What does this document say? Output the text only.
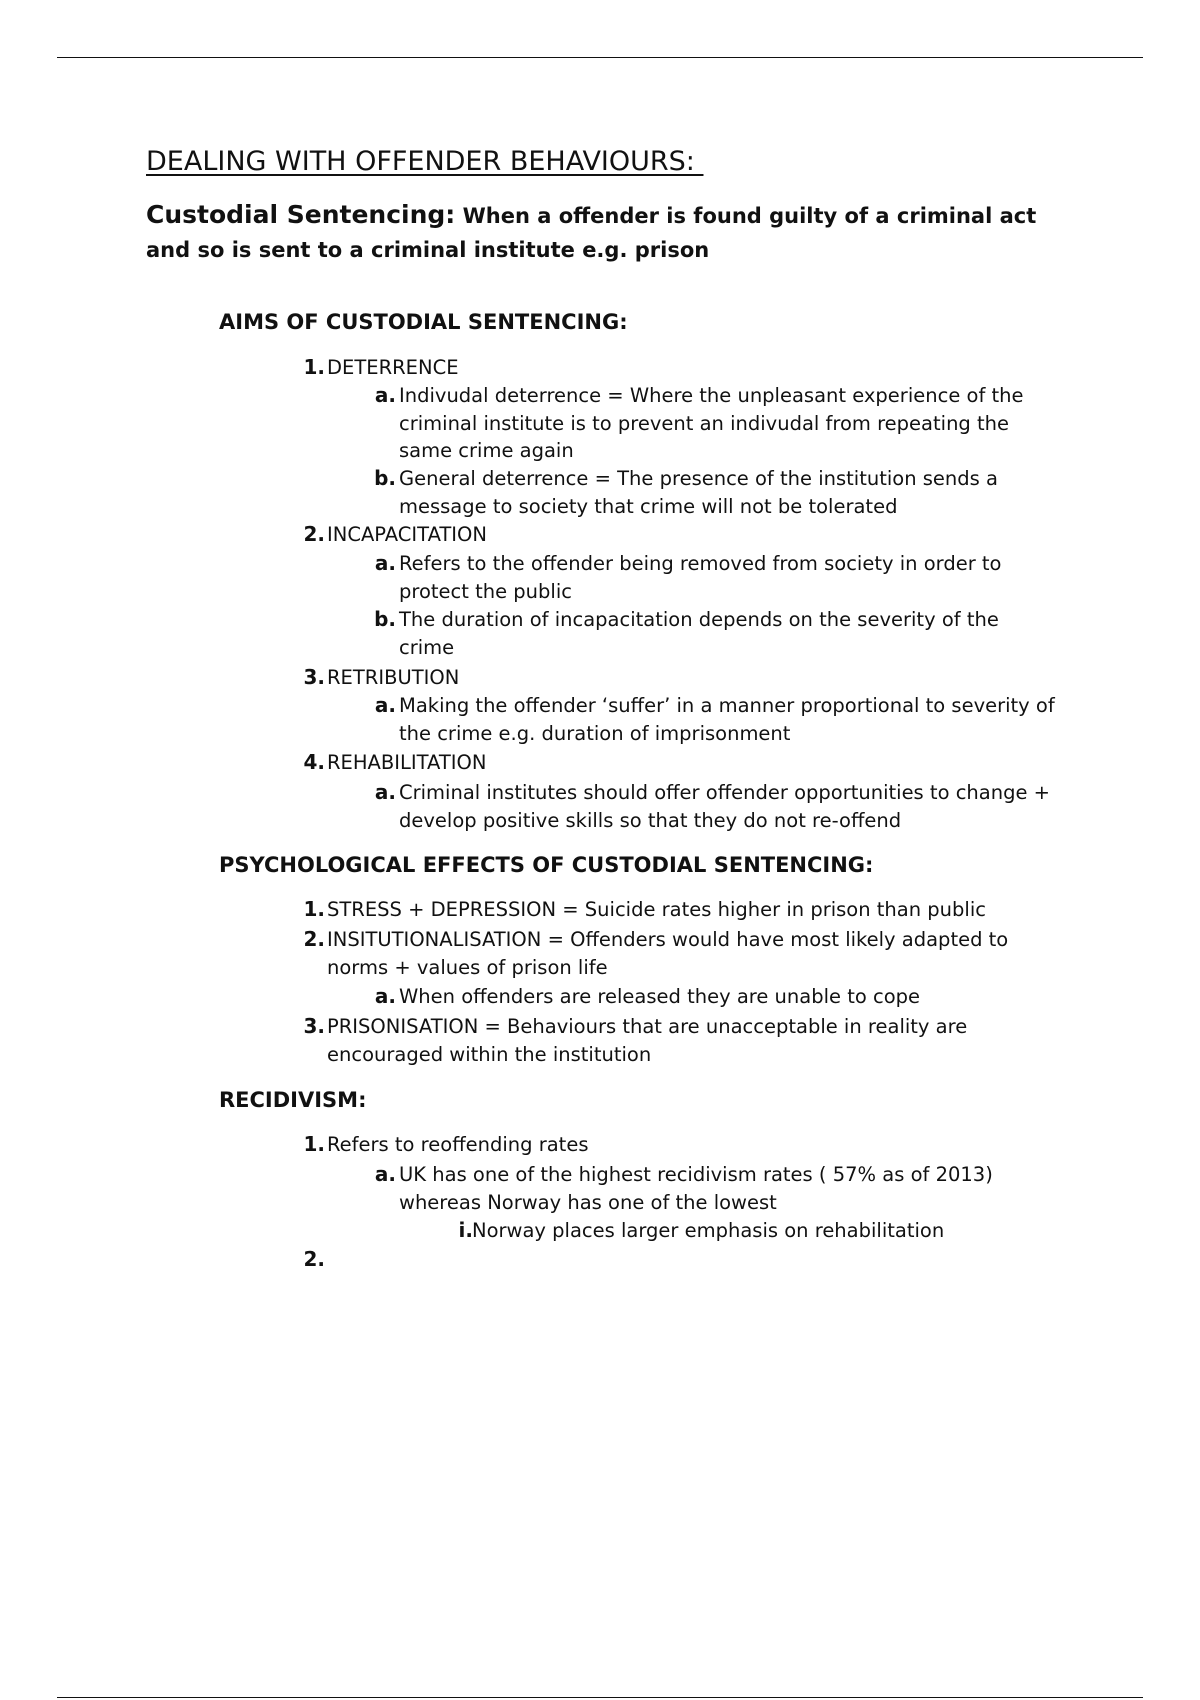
DEALING WITH OFFENDER BEHAVIOURS:
Custodial Sentencing: When a offender is found guilty of a criminal act and so is sent to a criminal institute e.g. prison
AIMS OF CUSTODIAL SENTENCING:
1. DETERRENCE
a. Indivudal deterrence = Where the unpleasant experience of the criminal institute is to prevent an indivudal from repeating the same crime again
b. General deterrence = The presence of the institution sends a message to society that crime will not be tolerated
2. INCAPACITATION
a. Refers to the offender being removed from society in order to protect the public
b. The duration of incapacitation depends on the severity of the crime
3. RETRIBUTION
a. Making the offender ‘suffer’ in a manner proportional to severity of the crime e.g. duration of imprisonment
4. REHABILITATION
a. Criminal institutes should offer offender opportunities to change + develop positive skills so that they do not re-offend
PSYCHOLOGICAL EFFECTS OF CUSTODIAL SENTENCING:
1. STRESS + DEPRESSION = Suicide rates higher in prison than public
2. INSITUTIONALISATION = Offenders would have most likely adapted to norms + values of prison life
a. When offenders are released they are unable to cope
3. PRISONISATION = Behaviours that are unacceptable in reality are encouraged within the institution
RECIDIVISM:
1. Refers to reoffending rates
a. UK has one of the highest recidivism rates ( 57% as of 2013) whereas Norway has one of the lowest
i. Norway places larger emphasis on rehabilitation
2.
